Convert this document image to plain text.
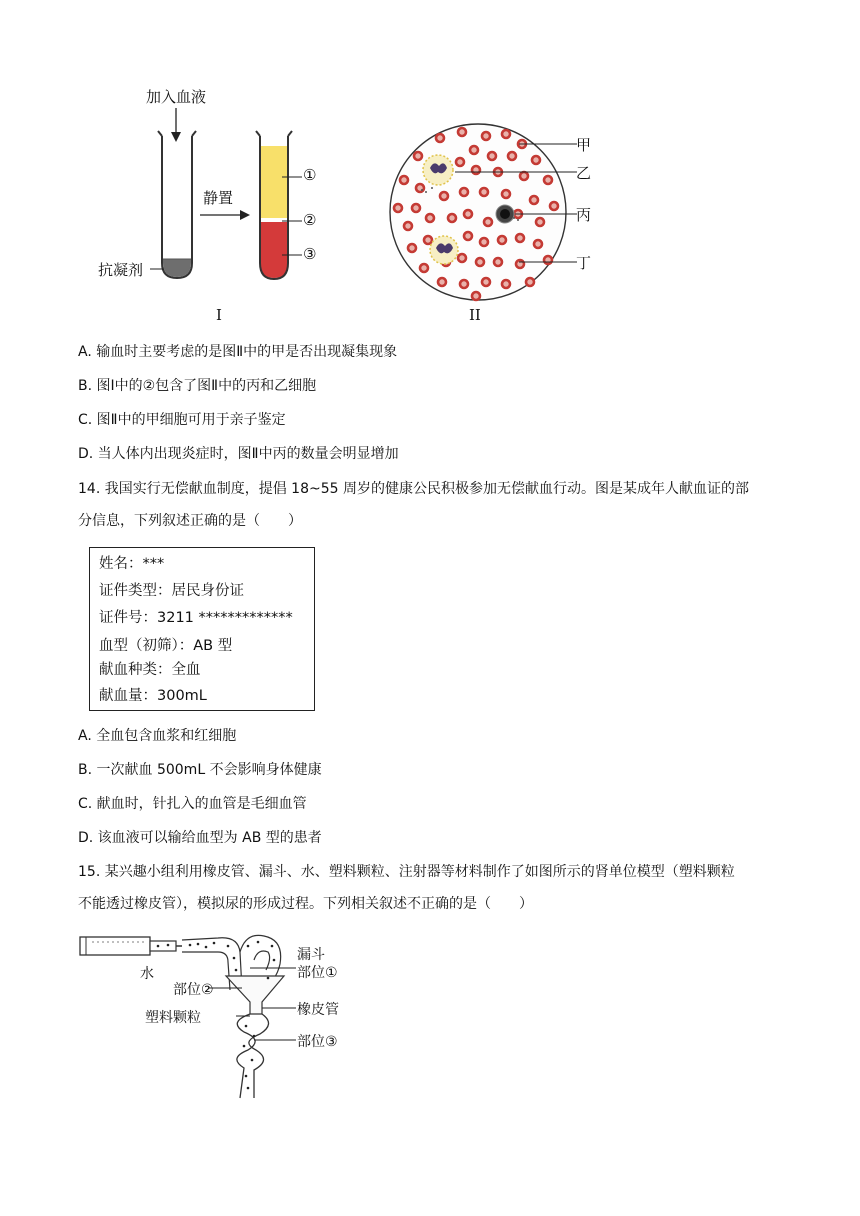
加入血液
抗凝剂
静置
①
②
③
I
甲
乙
丙
丁
II
A. 输血时主要考虑的是图Ⅱ中的甲是否出现凝集现象
B. 图Ⅰ中的②包含了图Ⅱ中的丙和乙细胞
C. 图Ⅱ中的甲细胞可用于亲子鉴定
D. 当人体内出现炎症时，图Ⅱ中丙的数量会明显增加
14. 我国实行无偿献血制度，提倡 18~55 周岁的健康公民积极参加无偿献血行动。图是某成年人献血证的部
分信息，下列叙述正确的是（　　）
姓名：***
证件类型：居民身份证
证件号：3211 *************
血型（初筛）：AB 型
献血种类：全血
献血量：300mL
A. 全血包含血浆和红细胞
B. 一次献血 500mL 不会影响身体健康
C. 献血时，针扎入的血管是毛细血管
D. 该血液可以输给血型为 AB 型的患者
15. 某兴趣小组利用橡皮管、漏斗、水、塑料颗粒、注射器等材料制作了如图所示的肾单位模型（塑料颗粒
不能透过橡皮管），模拟尿的形成过程。下列相关叙述不正确的是（　　）
水
漏斗
部位①
部位②
橡皮管
塑料颗粒
部位③
